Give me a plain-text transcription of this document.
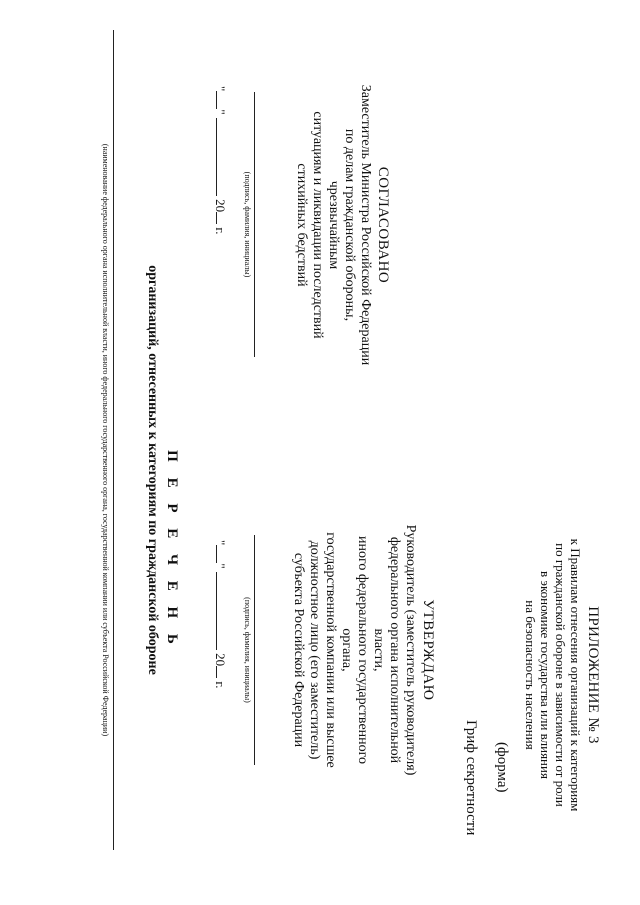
ПРИЛОЖЕНИЕ № 3
к Правилам отнесения организаций к категориям
по гражданской обороне в зависимости от роли
в экономике государства или влияния
на безопасность населения
(форма)
Гриф секретности
УТВЕРЖДАЮ
Руководитель (заместитель руководителя)
федерального органа исполнительной власти,
иного федерального государственного органа,
государственной компании или высшее
должностное лицо (его заместитель)
субъекта Российской Федерации
(подпись, фамилия, инициалы)
""  20 г.
СОГЛАСОВАНО
Заместитель Министра Российской Федерации
по делам гражданской обороны, чрезвычайным
ситуациям и ликвидации последствий
стихийных бедствий
(подпись, фамилия, инициалы)
""  20 г.
П Е Р Е Ч Е Н Ь
организаций, отнесенных к категориям по гражданской обороне
(наименование федерального органа исполнительной власти, иного федерального государственного органа, государственной компании или субъекта Российской Федерации)
